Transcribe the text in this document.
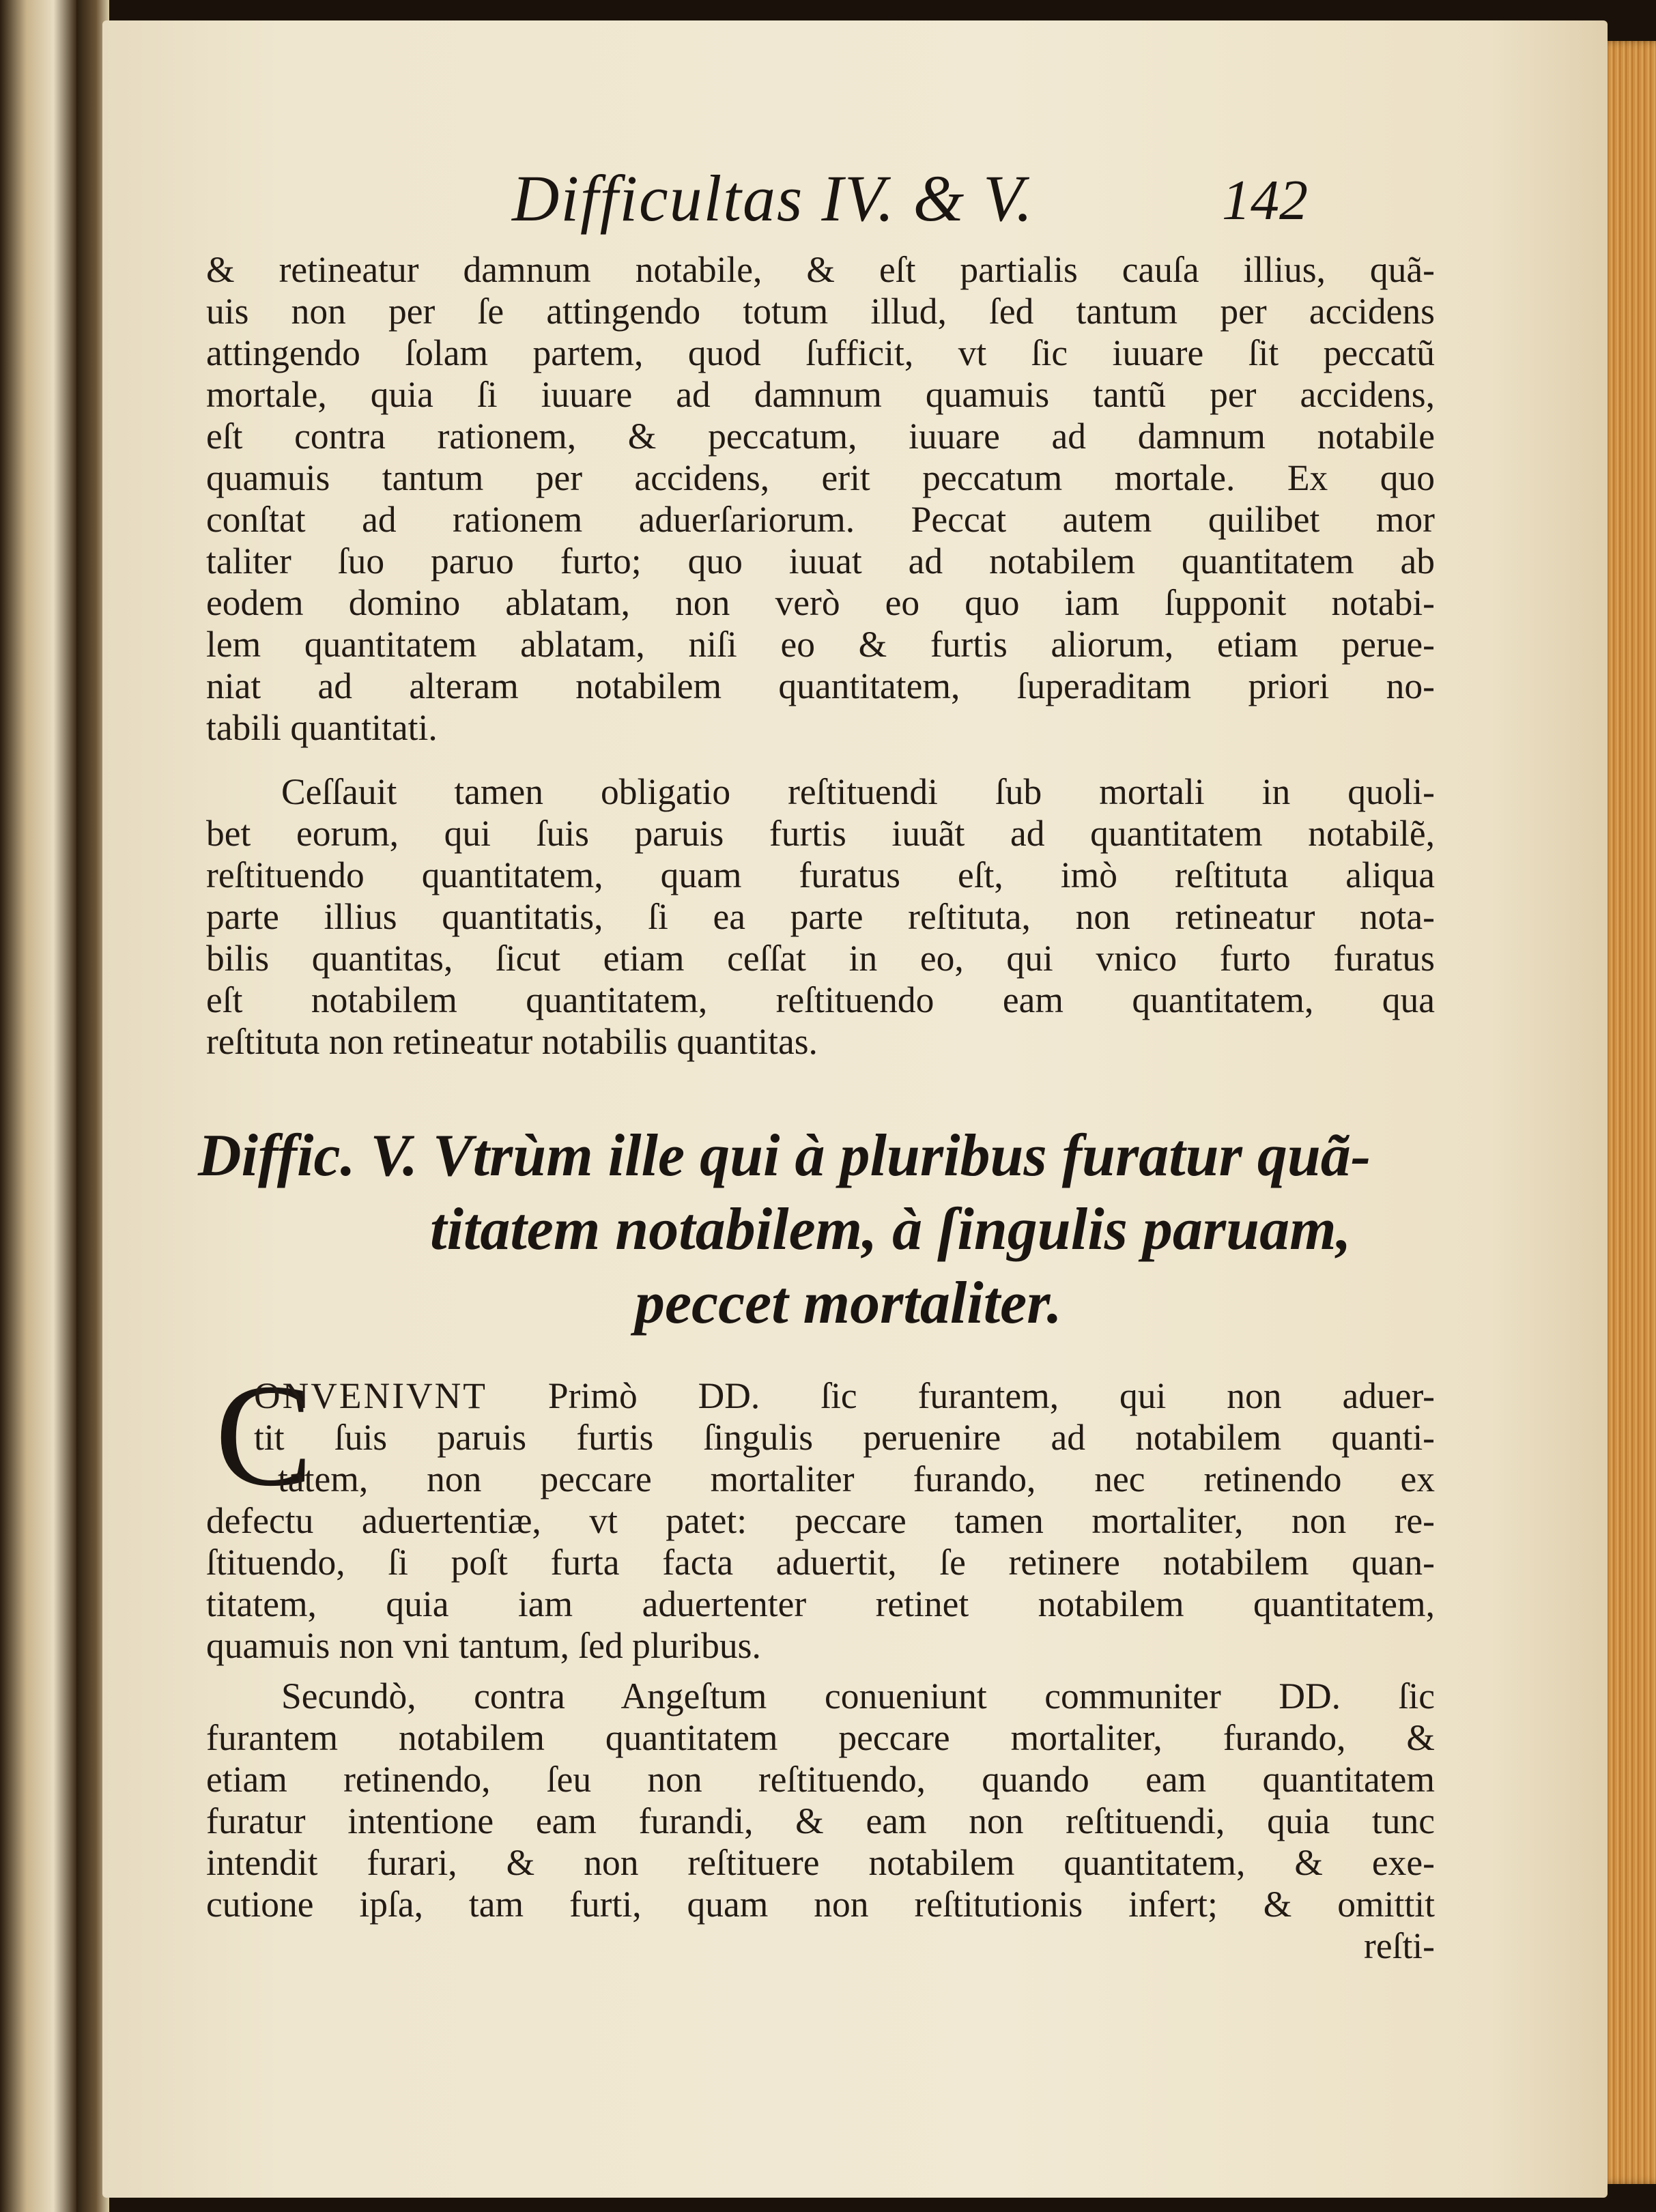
Difficultas IV. & V.	142
& retineatur damnum notabile, & eſt partialis cauſa illius, quã-
uis non per ſe attingendo totum illud, ſed tantum per accidens
attingendo ſolam partem, quod ſufficit, vt ſic iuuare ſit peccatũ
mortale, quia ſi iuuare ad damnum quamuis tantũ per accidens,
eſt contra rationem, & peccatum, iuuare ad damnum notabile
quamuis tantum per accidens, erit peccatum mortale. Ex quo
conſtat ad rationem aduerſariorum. Peccat autem quilibet mor
taliter ſuo paruo furto; quo iuuat ad notabilem quantitatem ab
eodem domino ablatam, non verò eo quo iam ſupponit notabi-
lem quantitatem ablatam, niſi eo & furtis aliorum, etiam perue-
niat ad alteram notabilem quantitatem, ſuperaditam priori no-
tabili quantitati.
Ceſſauit tamen obligatio reſtituendi ſub mortali in quoli-
bet eorum, qui ſuis paruis furtis iuuãt ad quantitatem notabilẽ,
reſtituendo quantitatem, quam furatus eſt, imò reſtituta aliqua
parte illius quantitatis, ſi ea parte reſtituta, non retineatur nota-
bilis quantitas, ſicut etiam ceſſat in eo, qui vnico furto furatus
eſt notabilem quantitatem, reſtituendo eam quantitatem, qua
reſtituta non retineatur notabilis quantitas.
Diffic. V. Vtrùm ille qui à pluribus furatur quã-
titatem notabilem, à ſingulis paruam,
peccet mortaliter.
C
ONVENIVNT Primò DD. ſic furantem, qui non aduer-
tit ſuis paruis furtis ſingulis peruenire ad notabilem quanti-
tatem, non peccare mortaliter furando, nec retinendo ex
defectu aduertentiæ, vt patet: peccare tamen mortaliter, non re-
ſtituendo, ſi poſt furta facta aduertit, ſe retinere notabilem quan-
titatem, quia iam aduertenter retinet notabilem quantitatem,
quamuis non vni tantum, ſed pluribus.
Secundò, contra Angeſtum conueniunt communiter DD. ſic
furantem notabilem quantitatem peccare mortaliter, furando, &
etiam retinendo, ſeu non reſtituendo, quando eam quantitatem
furatur intentione eam furandi, & eam non reſtituendi, quia tunc
intendit furari, & non reſtituere notabilem quantitatem, & exe-
cutione ipſa, tam furti, quam non reſtitutionis infert; & omittit
reſti-
